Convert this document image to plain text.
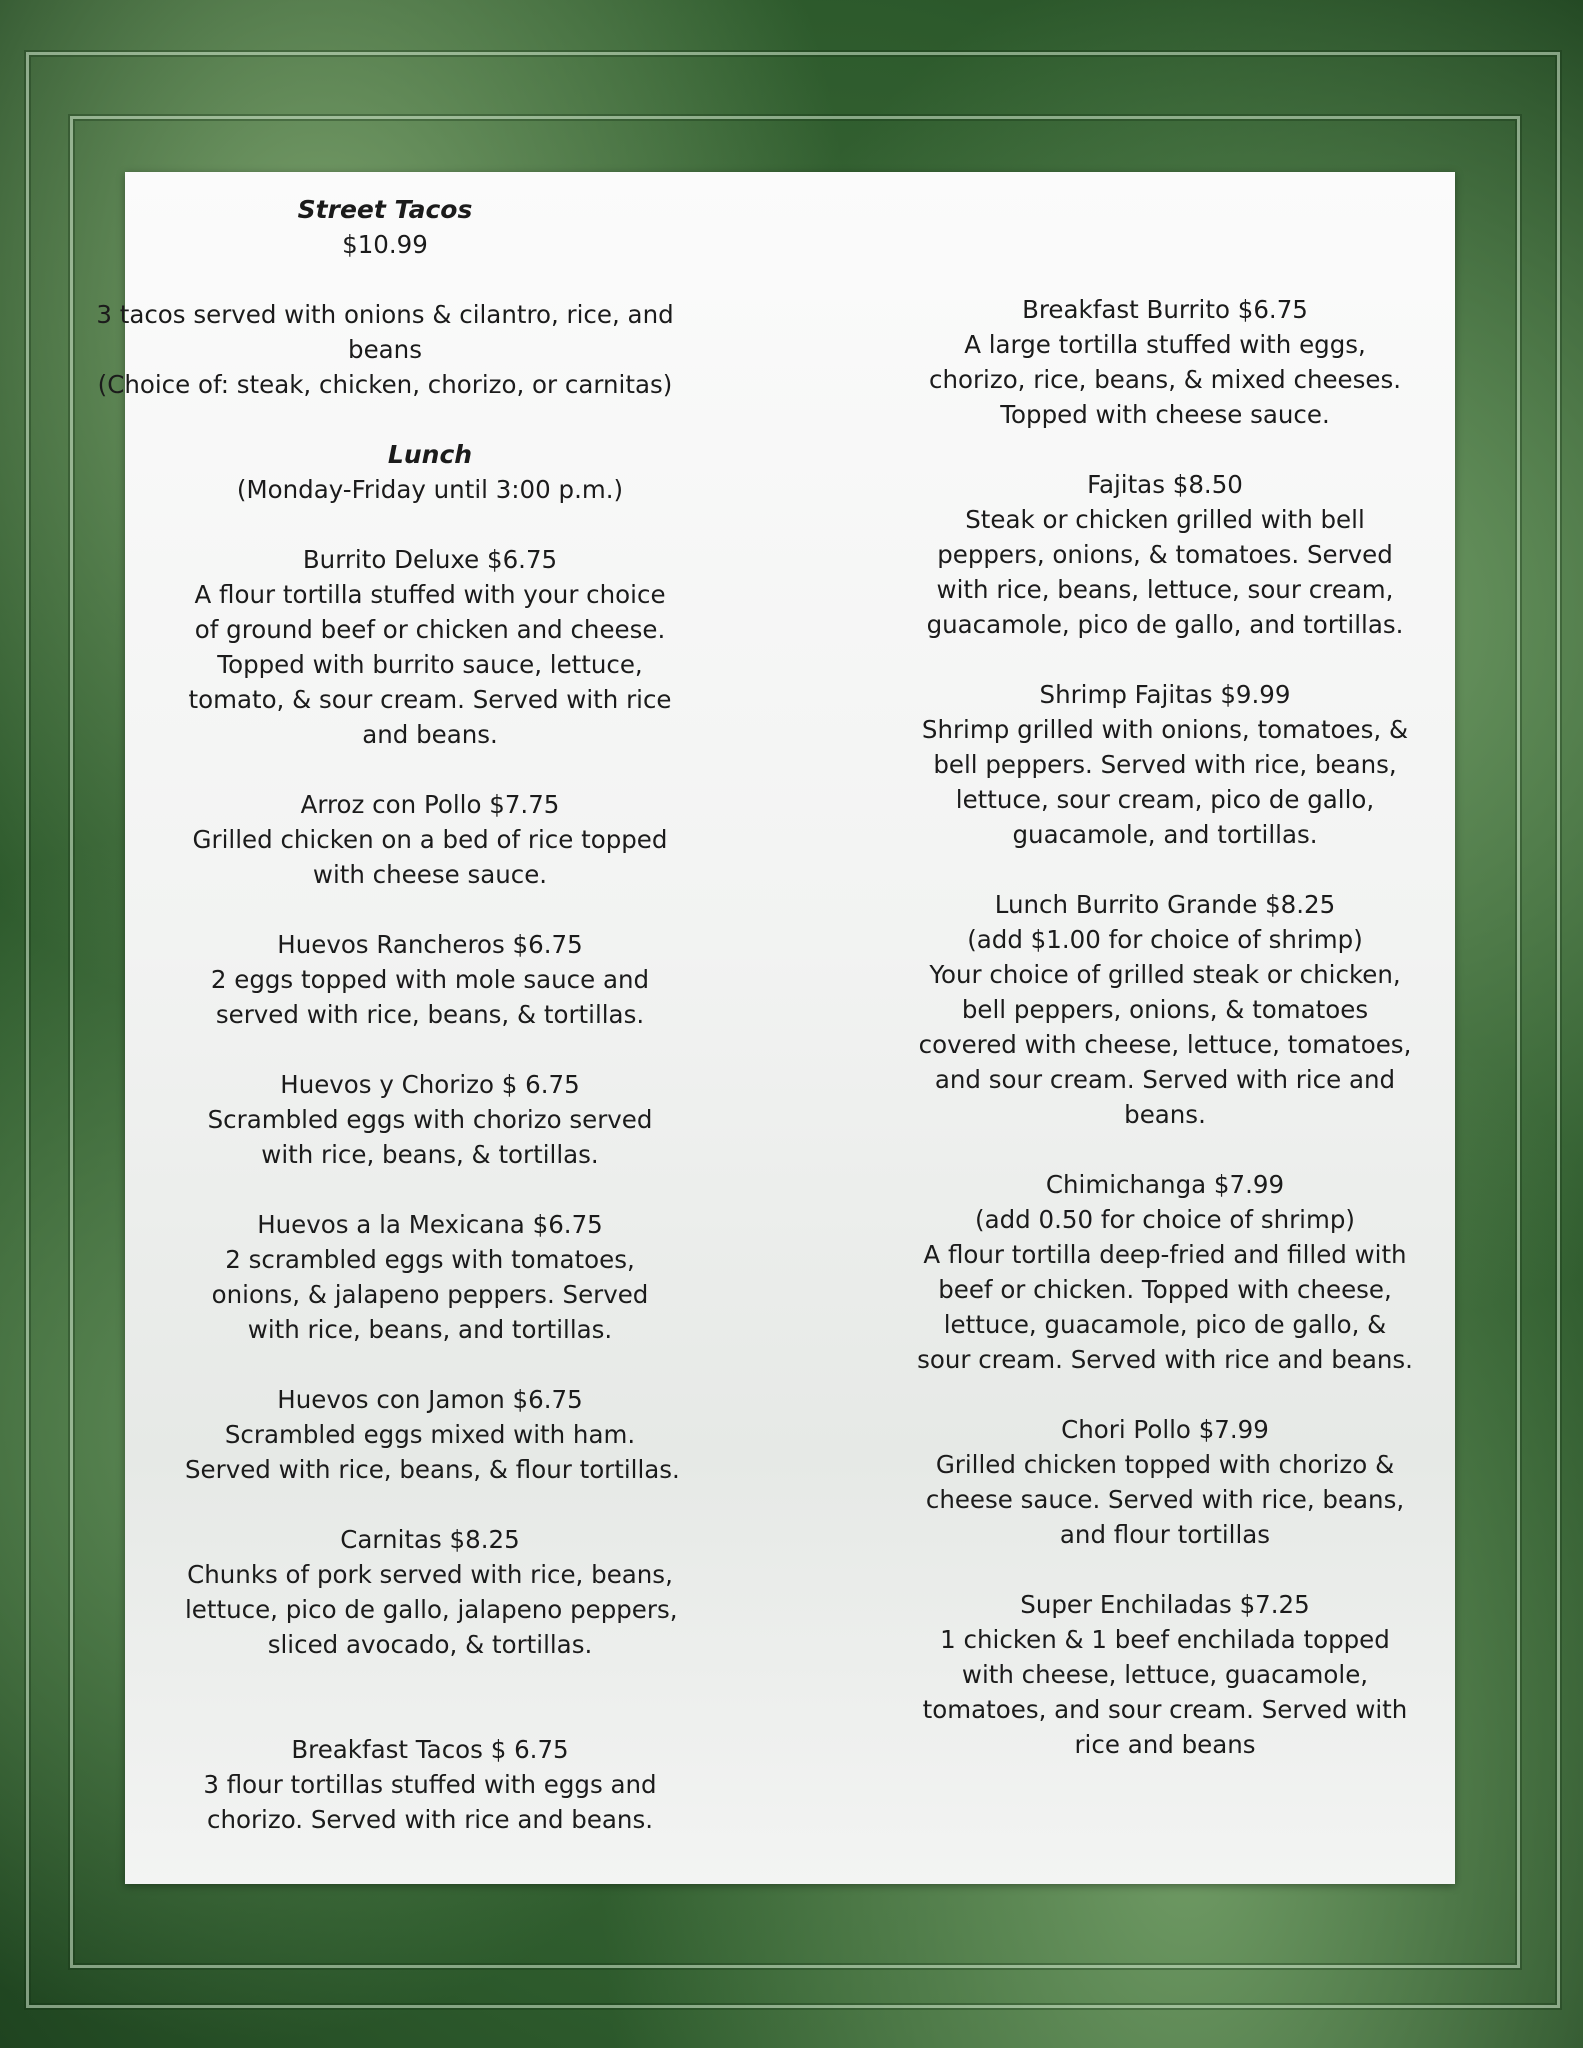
Street Tacos
$10.99
3 tacos served with onions & cilantro, rice, and
beans
(Choice of: steak, chicken, chorizo, or carnitas)
Lunch
(Monday-Friday until 3:00 p.m.)
Burrito Deluxe $6.75
A flour tortilla stuffed with your choice
of ground beef or chicken and cheese.
Topped with burrito sauce, lettuce,
tomato, & sour cream. Served with rice
and beans.
Arroz con Pollo $7.75
Grilled chicken on a bed of rice topped
with cheese sauce.
Huevos Rancheros $6.75
2 eggs topped with mole sauce and
served with rice, beans, & tortillas.
Huevos y Chorizo $ 6.75
Scrambled eggs with chorizo served
with rice, beans, & tortillas.
Huevos a la Mexicana $6.75
2 scrambled eggs with tomatoes,
onions, & jalapeno peppers. Served
with rice, beans, and tortillas.
Huevos con Jamon $6.75
Scrambled eggs mixed with ham.
Served with rice, beans, & flour tortillas.
Carnitas $8.25
Chunks of pork served with rice, beans,
lettuce, pico de gallo, jalapeno peppers,
sliced avocado, & tortillas.
Breakfast Tacos $ 6.75
3 flour tortillas stuffed with eggs and
chorizo. Served with rice and beans.
Breakfast Burrito $6.75
A large tortilla stuffed with eggs,
chorizo, rice, beans, & mixed cheeses.
Topped with cheese sauce.
Fajitas $8.50
Steak or chicken grilled with bell
peppers, onions, & tomatoes. Served
with rice, beans, lettuce, sour cream,
guacamole, pico de gallo, and tortillas.
Shrimp Fajitas $9.99
Shrimp grilled with onions, tomatoes, &
bell peppers. Served with rice, beans,
lettuce, sour cream, pico de gallo,
guacamole, and tortillas.
Lunch Burrito Grande $8.25
(add $1.00 for choice of shrimp)
Your choice of grilled steak or chicken,
bell peppers, onions, & tomatoes
covered with cheese, lettuce, tomatoes,
and sour cream. Served with rice and
beans.
Chimichanga $7.99
(add 0.50 for choice of shrimp)
A flour tortilla deep-fried and filled with
beef or chicken. Topped with cheese,
lettuce, guacamole, pico de gallo, &
sour cream. Served with rice and beans.
Chori Pollo $7.99
Grilled chicken topped with chorizo &
cheese sauce. Served with rice, beans,
and flour tortillas
Super Enchiladas $7.25
1 chicken & 1 beef enchilada topped
with cheese, lettuce, guacamole,
tomatoes, and sour cream. Served with
rice and beans
